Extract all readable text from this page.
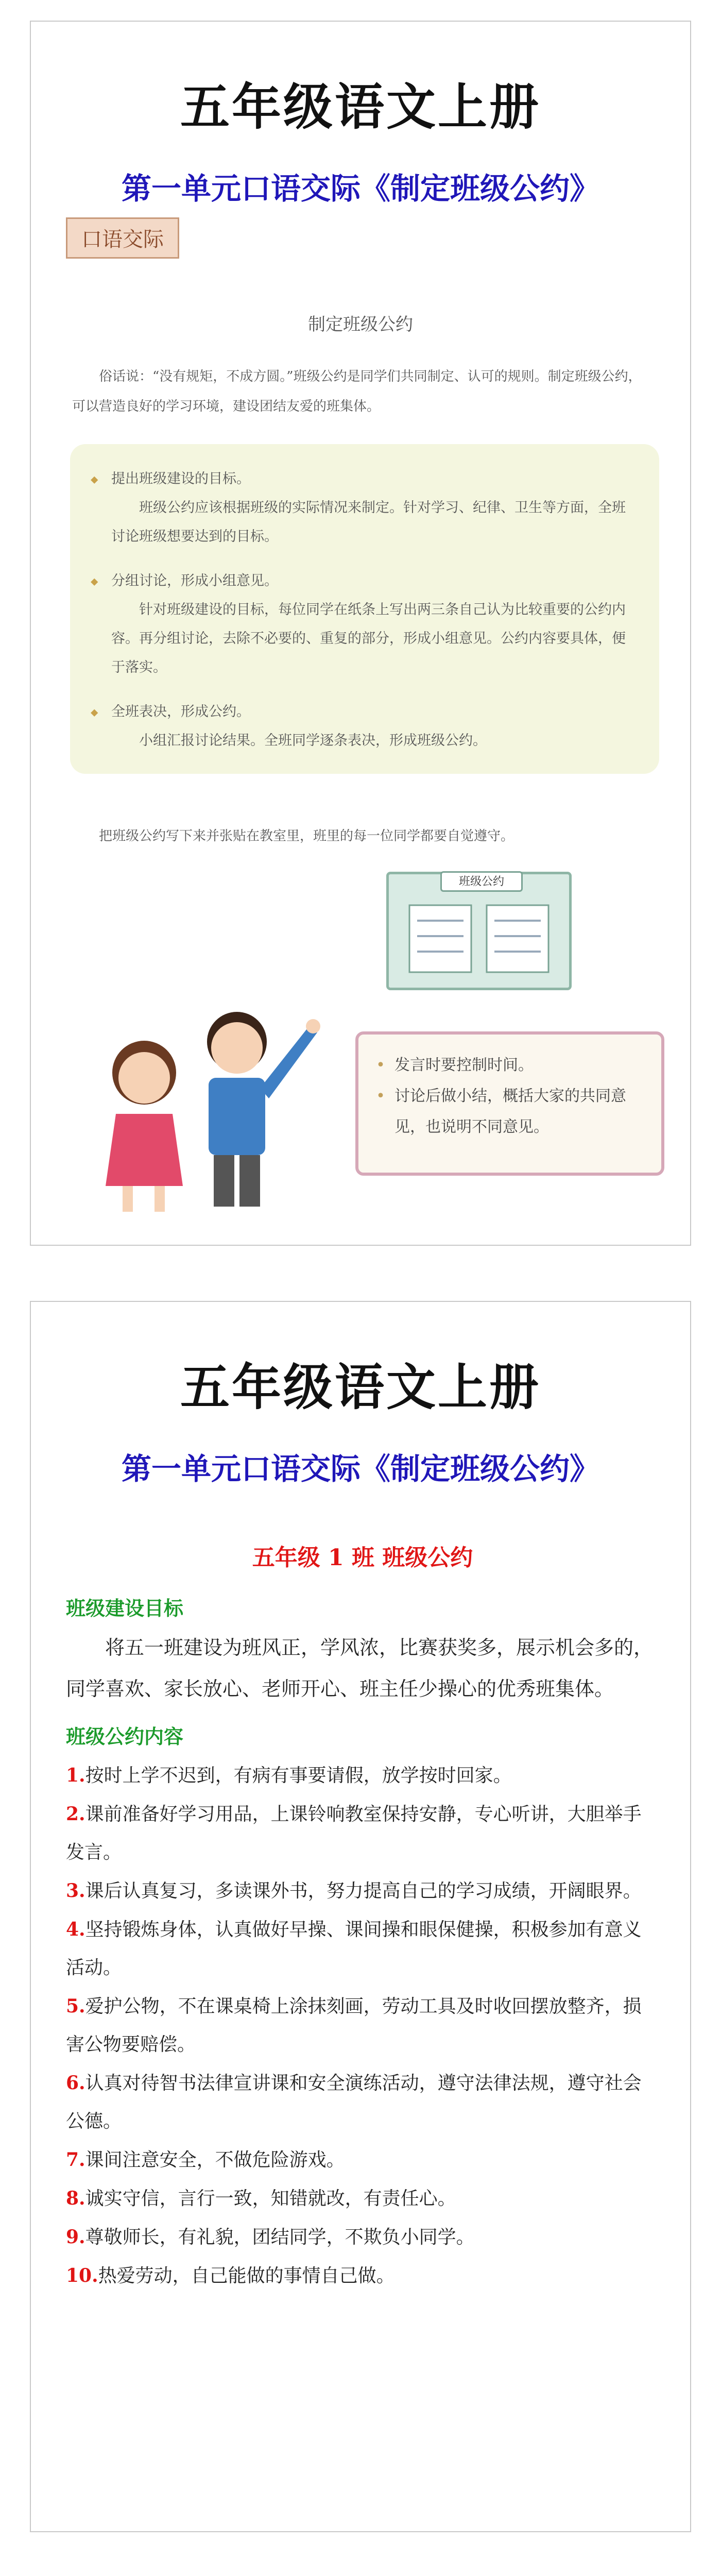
五年级语文上册
第一单元口语交际《制定班级公约》
口语交际
制定班级公约
俗话说：“没有规矩，不成方圆。”班级公约是同学们共同制定、认可的规则。制定班级公约，可以营造良好的学习环境，建设团结友爱的班集体。
◆ 提出班级建设的目标。
班级公约应该根据班级的实际情况来制定。针对学习、纪律、卫生等方面，全班讨论班级想要达到的目标。
◆ 分组讨论，形成小组意见。
针对班级建设的目标，每位同学在纸条上写出两三条自己认为比较重要的公约内容。再分组讨论，去除不必要的、重复的部分，形成小组意见。公约内容要具体，便于落实。
◆ 全班表决，形成公约。
小组汇报讨论结果。全班同学逐条表决，形成班级公约。
把班级公约写下来并张贴在教室里，班里的每一位同学都要自觉遵守。
班级公约
• 发言时要控制时间。
• 讨论后做小结，概括大家的共同意见，也说明不同意见。
五年级语文上册
第一单元口语交际《制定班级公约》
五年级 1 班 班级公约
班级建设目标
将五一班建设为班风正，学风浓，比赛获奖多，展示机会多的，同学喜欢、家长放心、老师开心、班主任少操心的优秀班集体。
班级公约内容
1.按时上学不迟到，有病有事要请假，放学按时回家。
2.课前准备好学习用品，上课铃响教室保持安静，专心听讲，大胆举手发言。
3.课后认真复习，多读课外书，努力提高自己的学习成绩，开阔眼界。
4.坚持锻炼身体，认真做好早操、课间操和眼保健操，积极参加有意义活动。
5.爱护公物，不在课桌椅上涂抹刻画，劳动工具及时收回摆放整齐，损害公物要赔偿。
6.认真对待智书法律宣讲课和安全演练活动，遵守法律法规，遵守社会公德。
7.课间注意安全，不做危险游戏。
8.诚实守信，言行一致，知错就改，有责任心。
9.尊敬师长，有礼貌，团结同学，不欺负小同学。
10.热爱劳动，自己能做的事情自己做。
